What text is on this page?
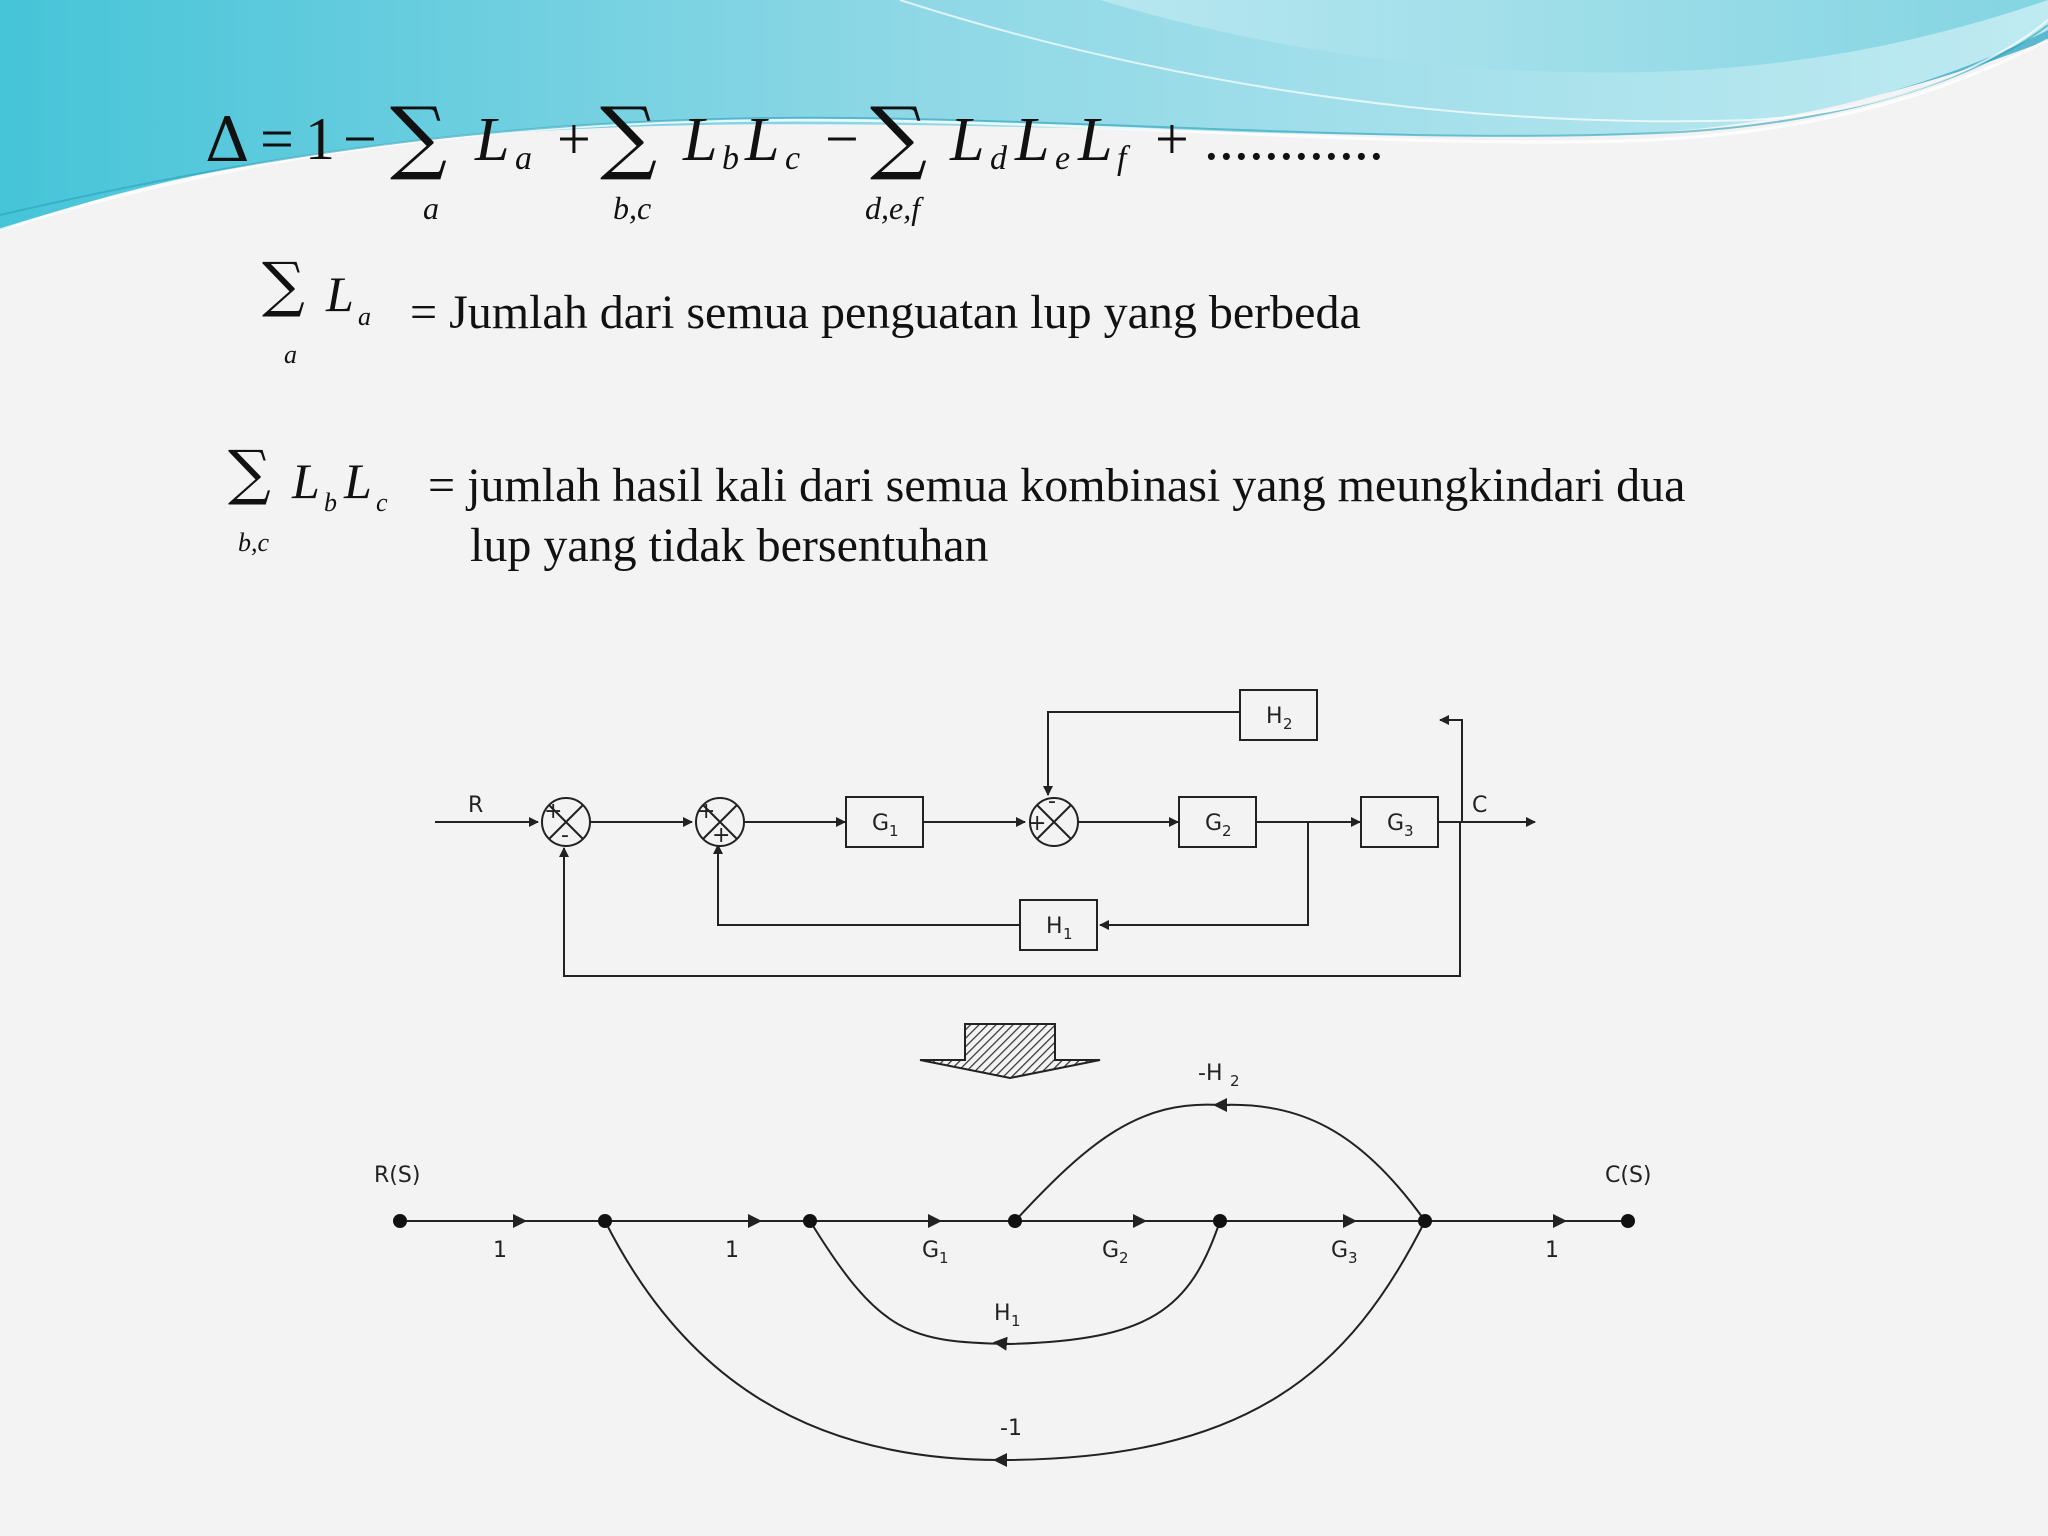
Δ = 1 − ∑ L a
a
+ ∑ L b L c
b,c
− ∑ L d L e L f
d,e,f
+ ............
∑ L a
a
= Jumlah dari semua penguatan lup yang berbeda
∑ L b L c
b,c
= jumlah hasil kali dari semua kombinasi yang meungkindari dua
lup yang tidak bersentuhan
R	C
G 1	G 2	G 3
H 1
H 2
+
-
+
+	+
-
R(S)	C(S)
1	1	G 1	G 2	G 3	1
H 1
-H 2
-1
